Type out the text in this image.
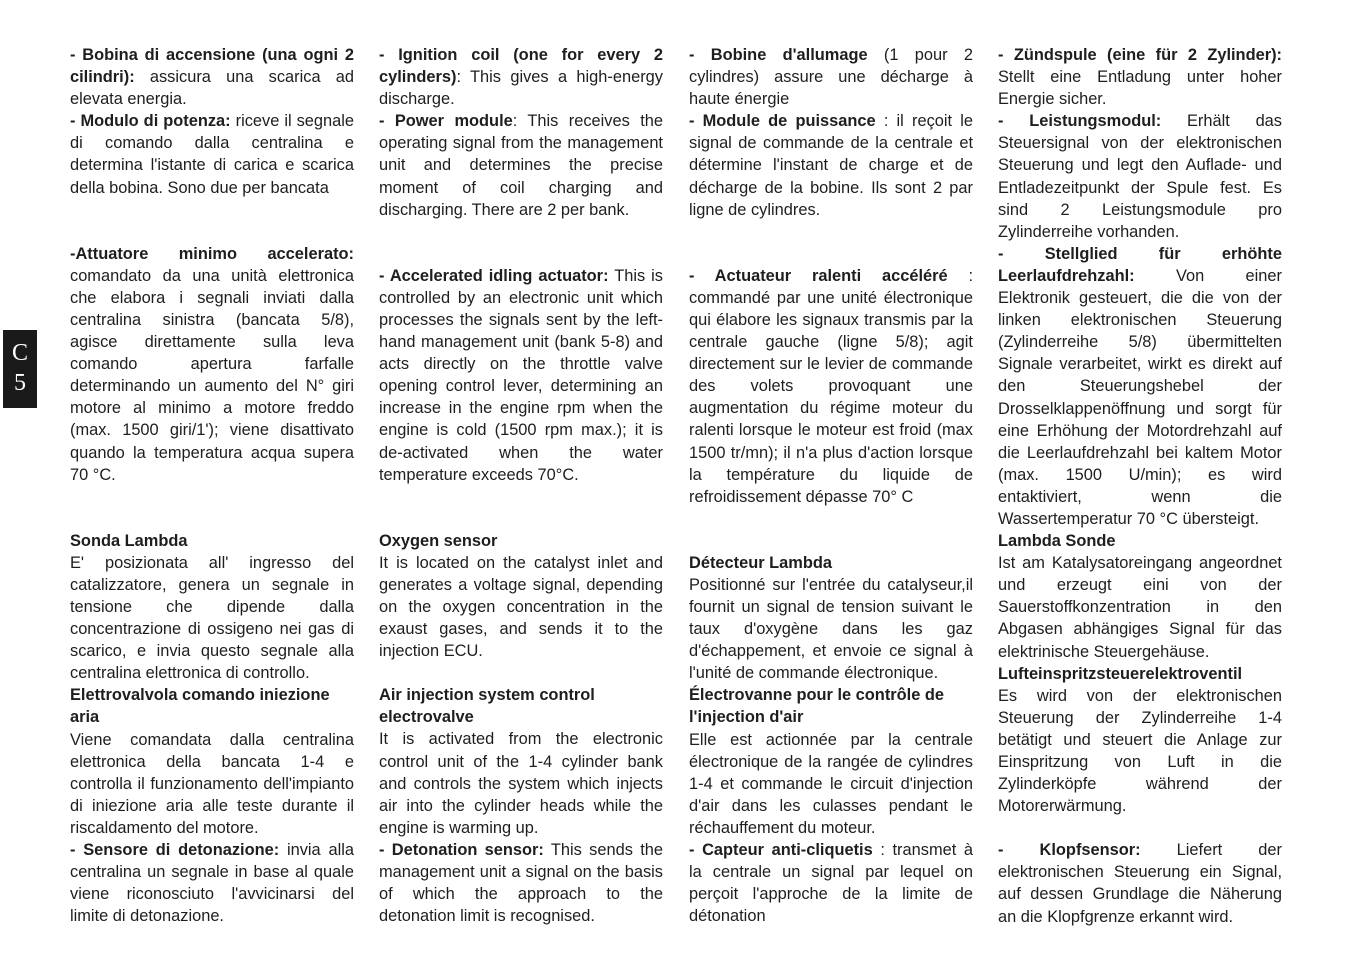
C
5

- Bobina di accensione (una ogni 2 cilindri): assicura una scarica ad elevata energia.

- Modulo di potenza: riceve il segnale di comando dalla centralina e determina l'istante di carica e scarica della bobina. Sono due per bancata

-Attuatore minimo accelerato: comandato da una unità elettronica che elabora i segnali inviati dalla centralina sinistra (bancata 5/8), agisce direttamente sulla leva comando apertura farfalle determinando un aumento del N° giri motore al minimo a motore freddo (max. 1500 giri/1'); viene disattivato quando la temperatura acqua supera 70 °C.

Sonda Lambda

E' posizionata all' ingresso del catalizzatore, genera un segnale in tensione che dipende dalla concentrazione di ossigeno nei gas di scarico, e invia questo segnale alla centralina elettronica di controllo.

Elettrovalvola comando iniezione aria

Viene comandata dalla centralina elettronica della bancata 1-4 e controlla il funzionamento dell'impianto di iniezione aria alle teste durante il riscaldamento del motore.

- Sensore di detonazione: invia alla centralina un segnale in base al quale viene riconosciuto l'avvicinarsi del limite di detonazione.

- Ignition coil (one for every 2 cylinders): This gives a high-energy discharge.

- Power module: This receives the operating signal from the management unit and determines the precise moment of coil charging and discharging. There are 2 per bank.

- Accelerated idling actuator: This is controlled by an electronic unit which processes the signals sent by the left-hand management unit (bank 5-8) and acts directly on the throttle valve opening control lever, determining an increase in the engine rpm when the engine is cold (1500 rpm max.); it is de-activated when the water temperature exceeds 70°C.

Oxygen sensor

It is located on the catalyst inlet and generates a voltage signal, depending on the oxygen concentration in the exaust gases, and sends it to the injection ECU.

Air injection system control electrovalve

It is activated from the electronic control unit of the 1-4 cylinder bank and controls the system which injects air into the cylinder heads while the engine is warming up.

- Detonation sensor: This sends the management unit a signal on the basis of which the approach to the detonation limit is recognised.

- Bobine d'allumage (1 pour 2 cylindres) assure une décharge à haute énergie

- Module de puissance : il reçoit le signal de commande de la centrale et détermine l'instant de charge et de décharge de la bobine. Ils sont 2 par ligne de cylindres.

- Actuateur ralenti accéléré : commandé par une unité électronique qui élabore les signaux transmis par la centrale gauche (ligne 5/8); agit directement sur le levier de commande des volets provoquant une augmentation du régime moteur du ralenti lorsque le moteur est froid (max 1500 tr/mn); il n'a plus d'action lorsque la température du liquide de refroidissement dépasse 70° C

Détecteur Lambda

Positionné sur l'entrée du catalyseur,il fournit un signal de tension suivant le taux d'oxygène dans les gaz d'échappement, et envoie ce signal à l'unité de commande électronique.

Électrovanne pour le contrôle de l'injection d'air

Elle est actionnée par la centrale électronique de la rangée de cylindres 1-4 et commande le circuit d'injection d'air dans les culasses pendant le réchauffement du moteur.

- Capteur anti-cliquetis : transmet à la centrale un signal par lequel on perçoit l'approche de la limite de détonation

- Zündspule (eine für 2 Zylinder): Stellt eine Entladung unter hoher Energie sicher.

- Leistungsmodul: Erhält das Steuersignal von der elektronischen Steuerung und legt den Auflade- und Entladezeitpunkt der Spule fest. Es sind 2 Leistungsmodule pro Zylinderreihe vorhanden.

- Stellglied für erhöhte Leerlaufdrehzahl: Von einer Elektronik gesteuert, die die von der linken elektronischen Steuerung (Zylinderreihe 5/8) übermittelten Signale verarbeitet, wirkt es direkt auf den Steuerungshebel der Drosselklappenöffnung und sorgt für eine Erhöhung der Motordrehzahl auf die Leerlaufdrehzahl bei kaltem Motor (max. 1500 U/min); es wird entaktiviert, wenn die Wassertemperatur 70 °C übersteigt.

Lambda Sonde

Ist am Katalysatoreingang angeordnet und erzeugt eini von der Sauerstoffkonzentration in den Abgasen abhängiges Signal für das elektrinische Steuergehäuse.

Lufteinspritzsteuerelektroventil

Es wird von der elektronischen Steuerung der Zylinderreihe 1-4 betätigt und steuert die Anlage zur Einspritzung von Luft in die Zylinderköpfe während der Motorerwärmung.

- Klopfsensor: Liefert der elektronischen Steuerung ein Signal, auf dessen Grundlage die Näherung an die Klopfgrenze erkannt wird.
